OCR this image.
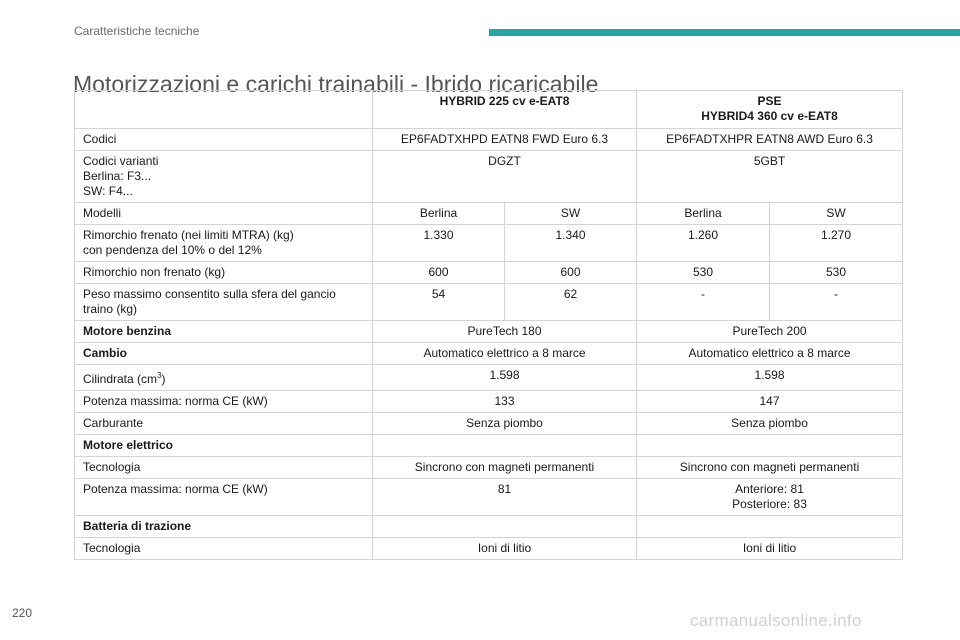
Caratteristiche tecniche
Motorizzazioni e carichi trainabili - Ibrido ricaricabile
	HYBRID 225 cv e-EAT8		PSE
HYBRID4 360 cv e-EAT8	
Codici	EP6FADTXHPD EATN8 FWD Euro 6.3		EP6FADTXHPR EATN8 AWD Euro 6.3	
Codici varianti
Berlina: F3...
SW: F4...	DGZT		5GBT	
Modelli	Berlina	SW	Berlina	SW
Rimorchio frenato (nei limiti MTRA) (kg)
con pendenza del 10% o del 12%	1.330	1.340	1.260	1.270
Rimorchio non frenato (kg)	600	600	530	530
Peso massimo consentito sulla sfera del gancio
traino (kg)	54	62	-	-
Motore benzina	PureTech 180		PureTech 200	
Cambio	Automatico elettrico a 8 marce		Automatico elettrico a 8 marce	
Cilindrata $(cm^3)$	1.598		1.598	
Potenza massima: norma CE (kW)	133		147	
Carburante	Senza piombo		Senza piombo	
Motore elettrico				
Tecnologia	Sincrono con magneti permanenti		Sincrono con magneti permanenti	
Potenza massima: norma CE (kW)	81		Anteriore: 81
Posteriore: 83	
Batteria di trazione				
Tecnologia	Ioni di litio		Ioni di litio	
220	carmanualsonline.info
